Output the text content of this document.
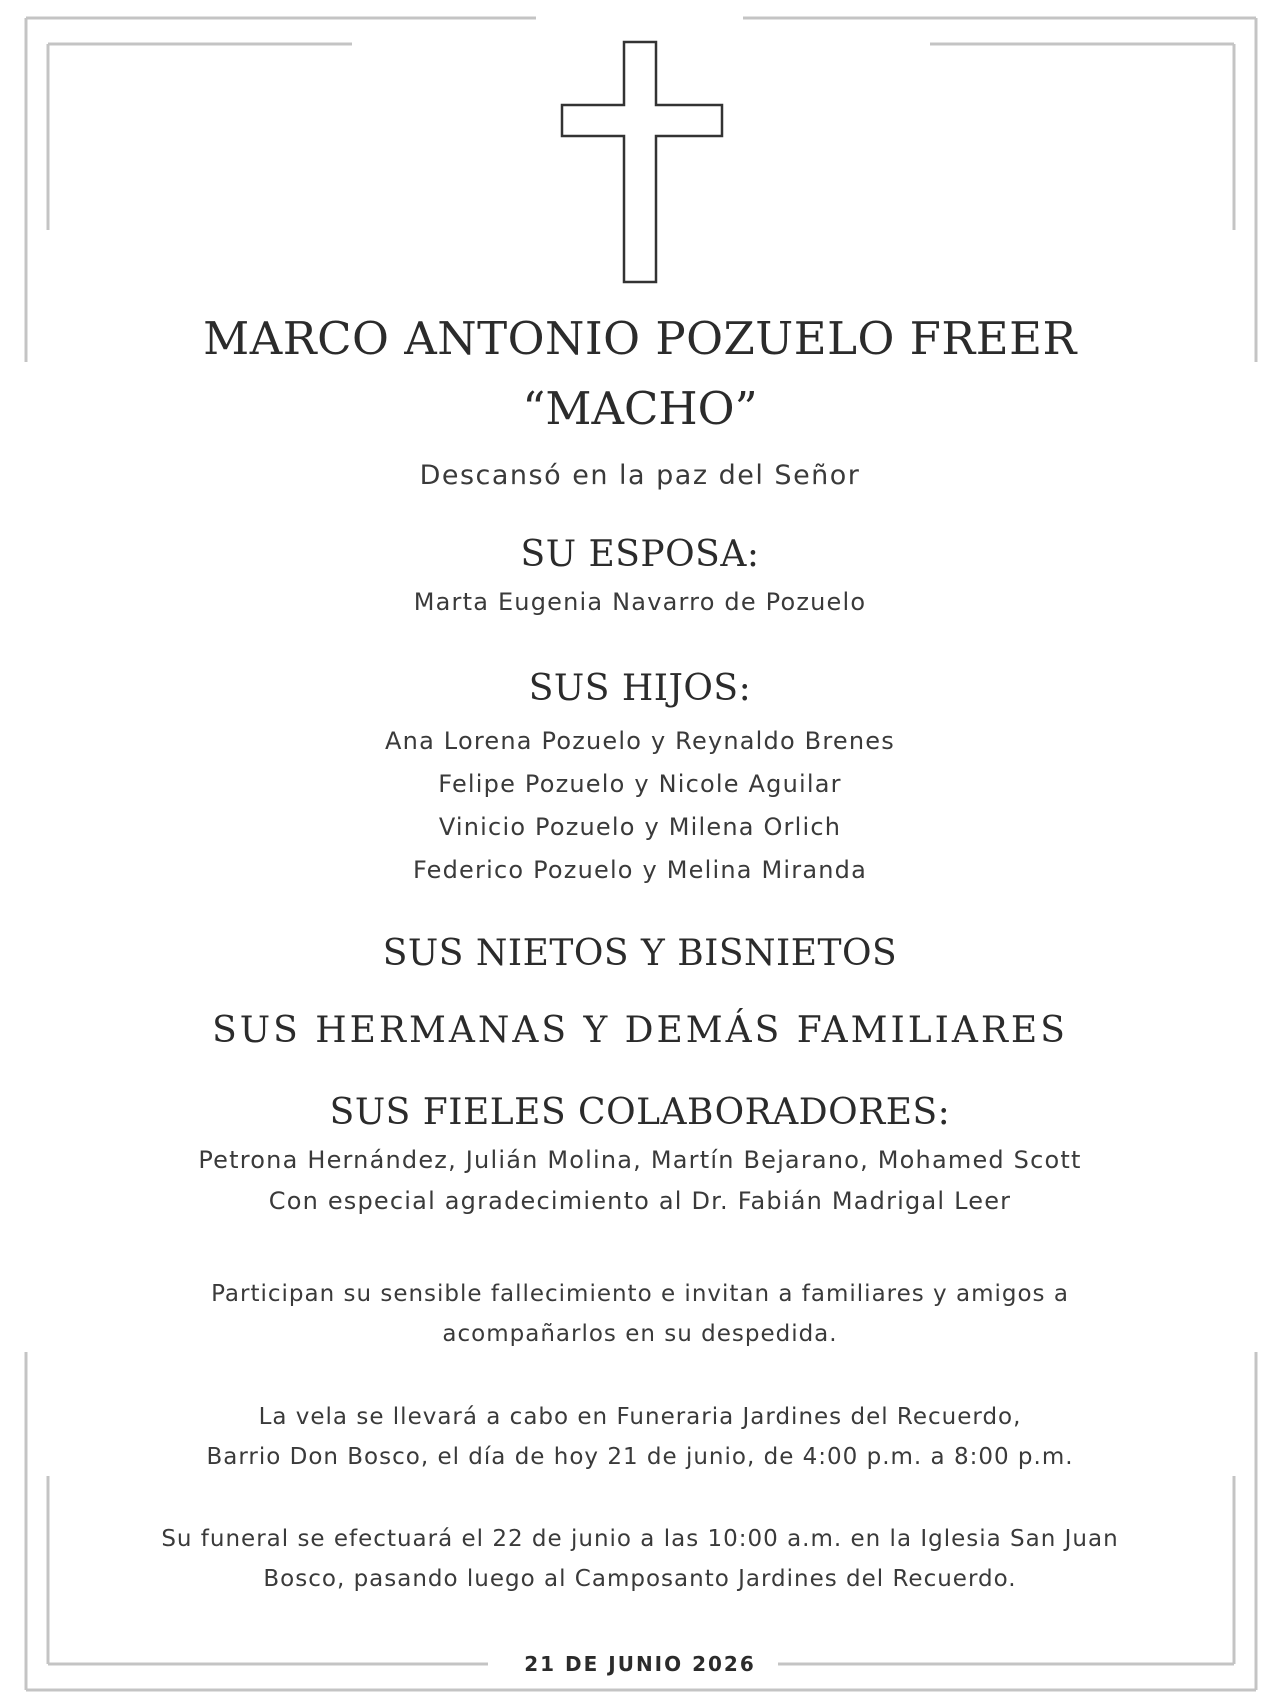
MARCO ANTONIO POZUELO FREER
“MACHO”
Descansó en la paz del Señor
SU ESPOSA:
Marta Eugenia Navarro de Pozuelo
SUS HIJOS:
Ana Lorena Pozuelo y Reynaldo Brenes
Felipe Pozuelo y Nicole Aguilar
Vinicio Pozuelo y Milena Orlich
Federico Pozuelo y Melina Miranda
SUS NIETOS Y BISNIETOS
SUS HERMANAS Y DEMÁS FAMILIARES
SUS FIELES COLABORADORES:
Petrona Hernández, Julián Molina, Martín Bejarano, Mohamed Scott
Con especial agradecimiento al Dr. Fabián Madrigal Leer
Participan su sensible fallecimiento e invitan a familiares y amigos a
acompañarlos en su despedida.
La vela se llevará a cabo en Funeraria Jardines del Recuerdo,
Barrio Don Bosco, el día de hoy 21 de junio, de 4:00 p.m. a 8:00 p.m.
Su funeral se efectuará el 22 de junio a las 10:00 a.m. en la Iglesia San Juan
Bosco, pasando luego al Camposanto Jardines del Recuerdo.
21 DE JUNIO 2026
